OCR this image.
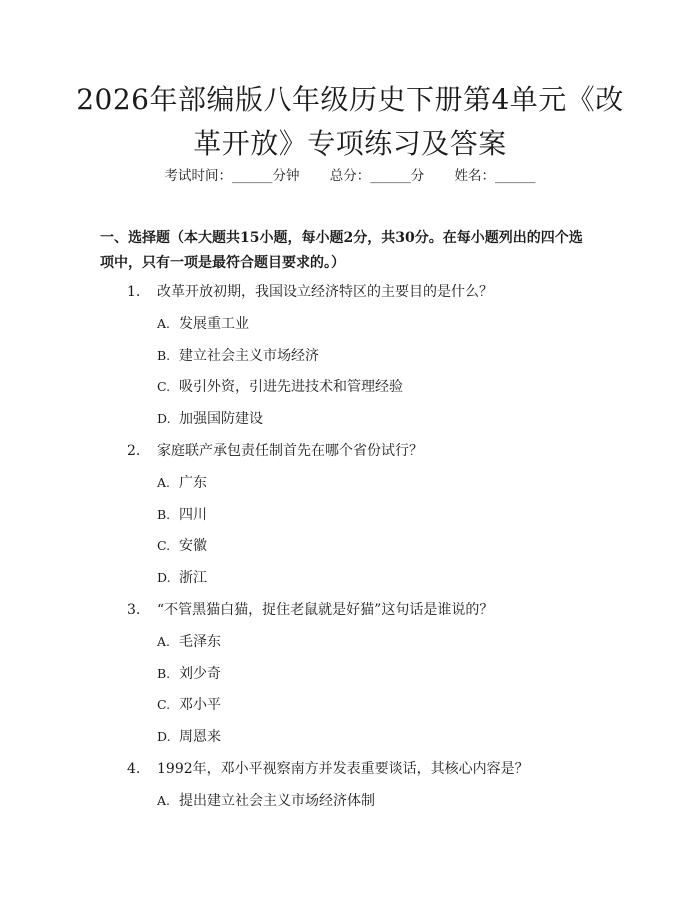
2026年部编版八年级历史下册第4单元《改
革开放》专项练习及答案
考试时间：______分钟 总分：______分 姓名：______
一、选择题（本大题共15小题，每小题2分，共30分。在每小题列出的四个选
项中，只有一项是最符合题目要求的。）
1. 改革开放初期，我国设立经济特区的主要目的是什么？
A. 发展重工业
B. 建立社会主义市场经济
C. 吸引外资，引进先进技术和管理经验
D. 加强国防建设
2. 家庭联产承包责任制首先在哪个省份试行？
A. 广东
B. 四川
C. 安徽
D. 浙江
3. “不管黑猫白猫，捉住老鼠就是好猫”这句话是谁说的？
A. 毛泽东
B. 刘少奇
C. 邓小平
D. 周恩来
4. 1992年，邓小平视察南方并发表重要谈话，其核心内容是？
A. 提出建立社会主义市场经济体制
